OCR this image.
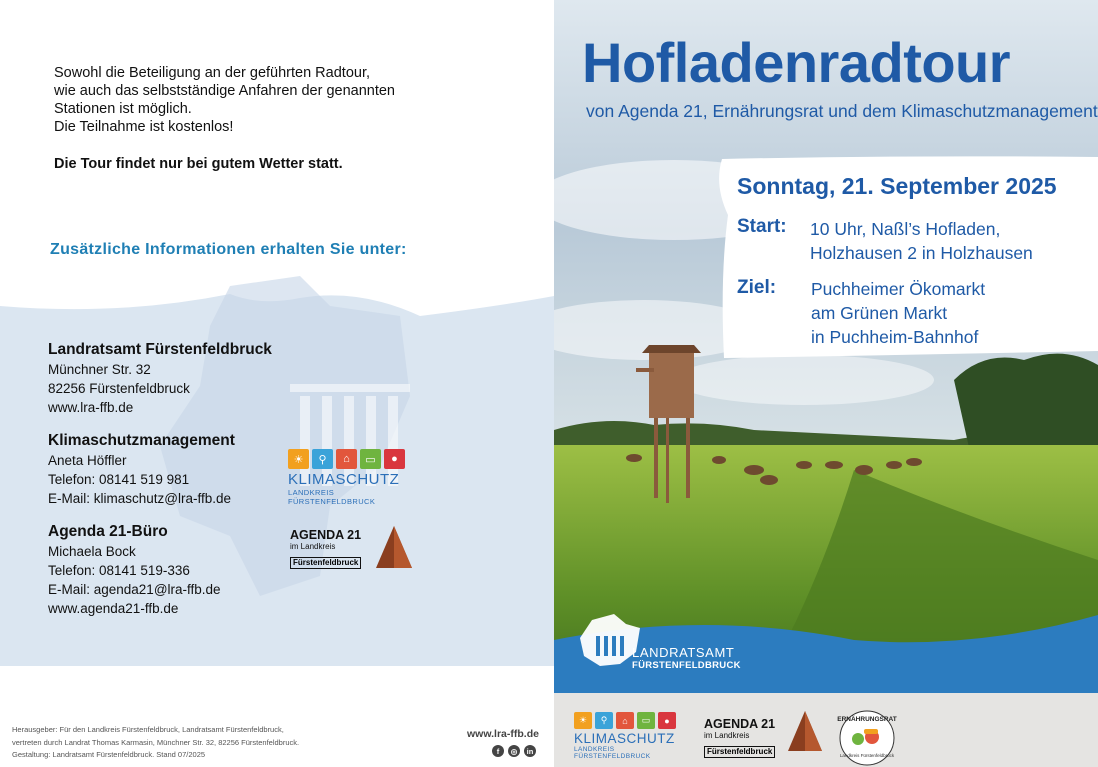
Sowohl die Beteiligung an der geführten Radtour,
wie auch das selbstständige Anfahren der genannten
Stationen ist möglich.
Die Teilnahme ist kostenlos!
Die Tour findet nur bei gutem Wetter statt.
Zusätzliche Informationen erhalten Sie unter:
Landratsamt Fürstenfeldbruck
Münchner Str. 32
82256 Fürstenfeldbruck
www.lra-ffb.de
Klimaschutzmanagement
Aneta Höffler
Telefon: 08141 519 981
E-Mail: klimaschutz@lra-ffb.de
Agenda 21-Büro
Michaela Bock
Telefon: 08141 519-336
E-Mail: agenda21@lra-ffb.de
www.agenda21-ffb.de
☀	⚲	⌂	▭	●
KLIMASCHUTZ
LANDKREIS FÜRSTENFELDBRUCK
AGENDA 21
im Landkreis
Fürstenfeldbruck
Herausgeber: Für den Landkreis Fürstenfeldbruck, Landratsamt Fürstenfeldbruck,
vertreten durch Landrat Thomas Karmasin, Münchner Str. 32, 82256 Fürstenfeldbruck.
Gestaltung: Landratsamt Fürstenfeldbruck. Stand 07/2025
www.lra-ffb.de
f	◎	in
Hofladenradtour
von Agenda 21, Ernährungsrat und dem Klimaschutzmanagement
Sonntag, 21. September 2025
Start: 10 Uhr, Naßl’s Hofladen,
Holzhausen 2 in Holzhausen
Ziel: Puchheimer Ökomarkt
am Grünen Markt
in Puchheim-Bahnhof
LANDRATSAMT
FÜRSTENFELDBRUCK
☀	⚲	⌂	▭	●
KLIMASCHUTZ
LANDKREIS FÜRSTENFELDBRUCK
AGENDA 21
im Landkreis
Fürstenfeldbruck
ERNÄHRUNGSRAT
Landkreis Fürstenfeldbruck
